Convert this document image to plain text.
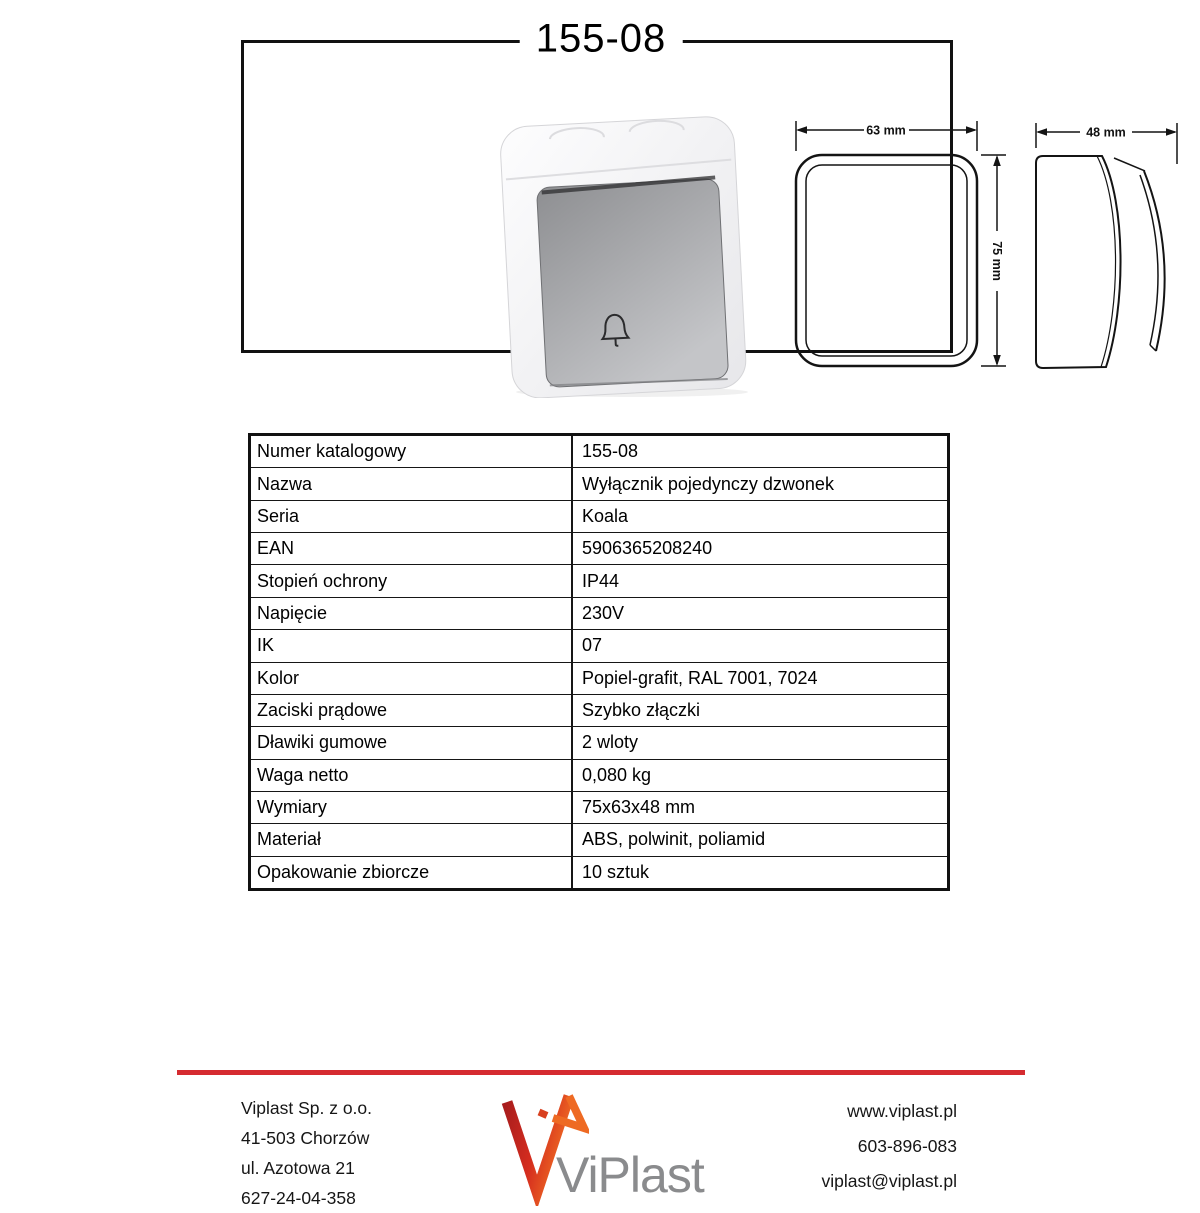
155-08
63 mm
75 mm
48 mm
Numer katalogowy	155-08
Nazwa	Wyłącznik pojedynczy dzwonek
Seria	Koala
EAN	5906365208240
Stopień ochrony	IP44
Napięcie	230V
IK	07
Kolor	Popiel-grafit, RAL 7001, 7024
Zaciski prądowe	Szybko złączki
Dławiki gumowe	2 wloty
Waga netto	0,080 kg
Wymiary	75x63x48 mm
Materiał	ABS, polwinit, poliamid
Opakowanie zbiorcze	10 sztuk
Viplast Sp. z o.o.
41-503 Chorzów
ul. Azotowa 21
627-24-04-358	ViPlast
www.viplast.pl
603-896-083
viplast@viplast.pl
